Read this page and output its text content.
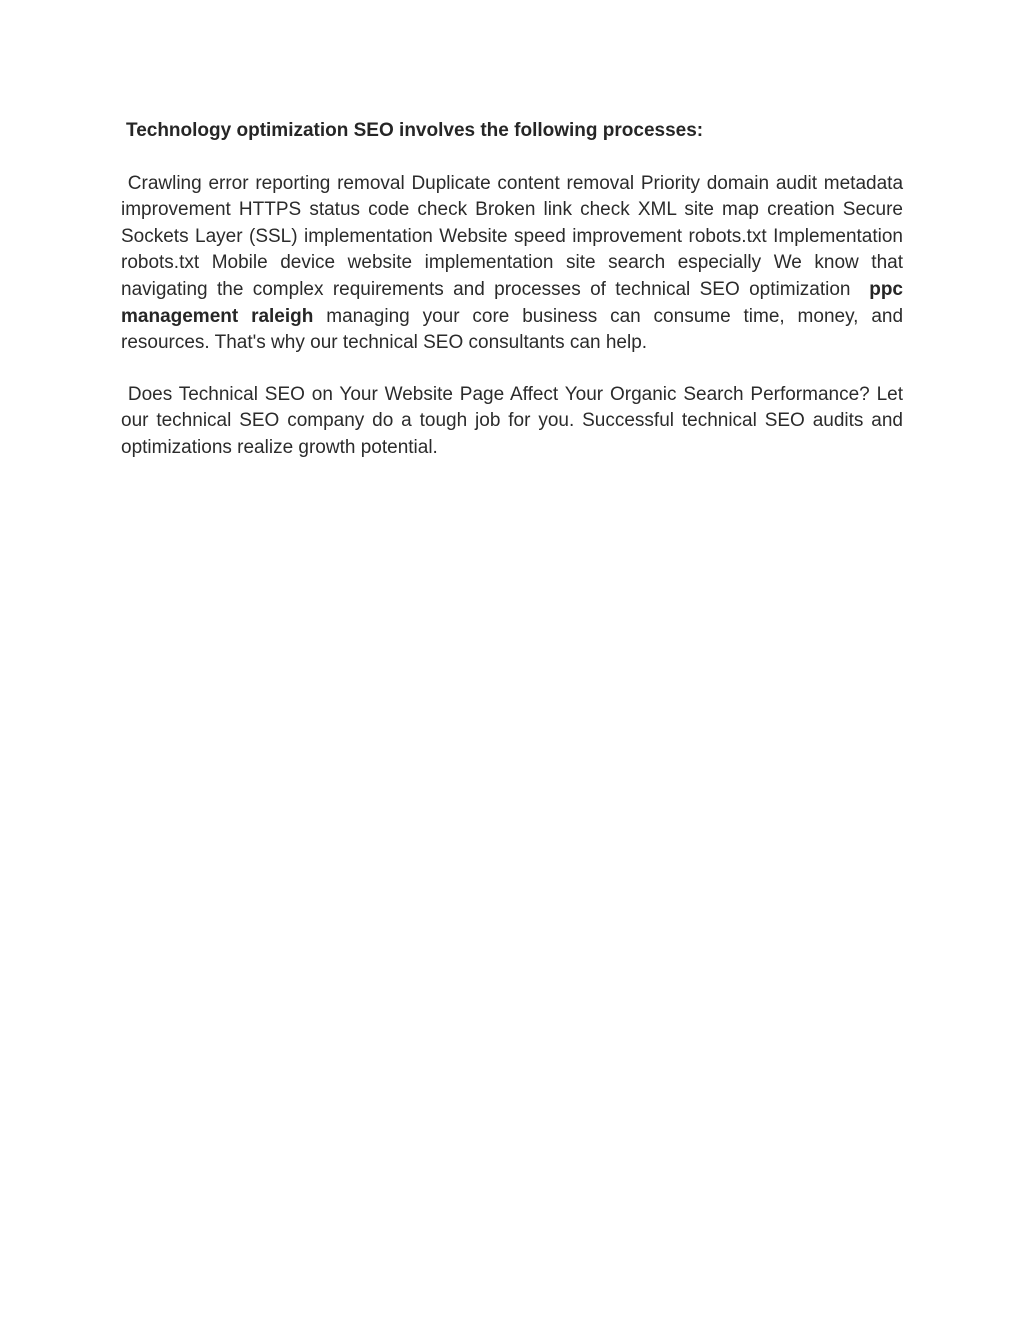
Technology optimization SEO involves the following processes:

Crawling error reporting removal Duplicate content removal Priority domain audit metadata improvement HTTPS status code check Broken link check XML site map creation Secure Sockets Layer (SSL) implementation Website speed improvement robots.txt Implementation robots.txt Mobile device website implementation site search especially We know that navigating the complex requirements and processes of technical SEO optimization ppc management raleigh managing your core business can consume time, money, and resources. That's why our technical SEO consultants can help.

Does Technical SEO on Your Website Page Affect Your Organic Search Performance? Let our technical SEO company do a tough job for you. Successful technical SEO audits and optimizations realize growth potential.
